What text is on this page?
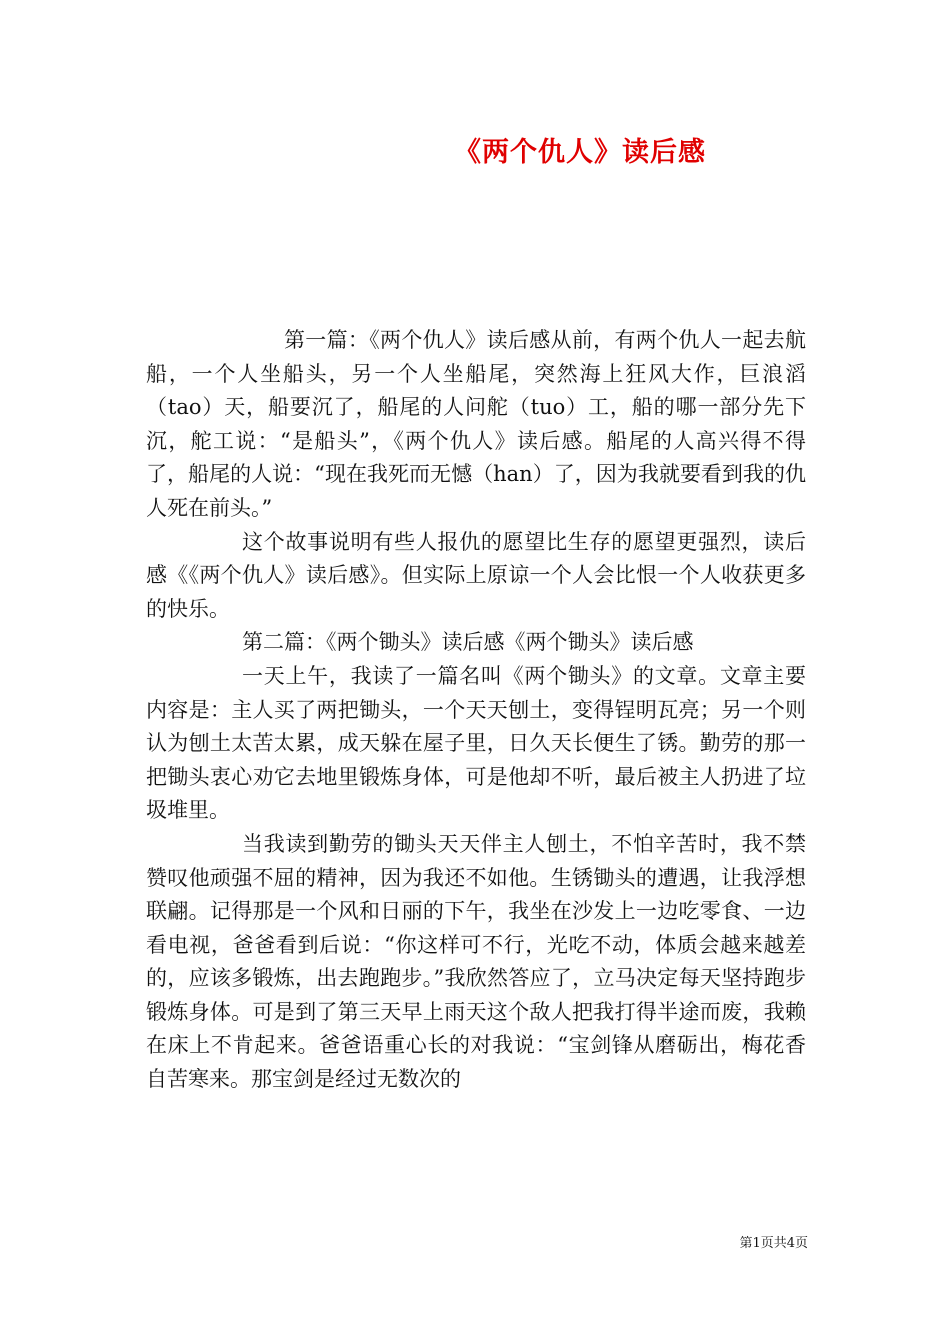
《两个仇人》读后感

第一篇：《两个仇人》读后感从前，有两个仇人一起去航船，一个人坐船头，另一个人坐船尾，突然海上狂风大作，巨浪滔（tao）天，船要沉了，船尾的人问舵（tuo）工，船的哪一部分先下沉，舵工说：“是船头”，《两个仇人》读后感。船尾的人高兴得不得了，船尾的人说：“现在我死而无憾（han）了，因为我就要看到我的仇人死在前头。”

这个故事说明有些人报仇的愿望比生存的愿望更强烈，读后感《《两个仇人》读后感》。但实际上原谅一个人会比恨一个人收获更多的快乐。

第二篇：《两个锄头》读后感《两个锄头》读后感

一天上午，我读了一篇名叫《两个锄头》的文章。文章主要内容是：主人买了两把锄头，一个天天刨土，变得锃明瓦亮；另一个则认为刨土太苦太累，成天躲在屋子里，日久天长便生了锈。勤劳的那一把锄头衷心劝它去地里锻炼身体，可是他却不听，最后被主人扔进了垃圾堆里。

当我读到勤劳的锄头天天伴主人刨土，不怕辛苦时，我不禁赞叹他顽强不屈的精神，因为我还不如他。生锈锄头的遭遇，让我浮想联翩。记得那是一个风和日丽的下午，我坐在沙发上一边吃零食、一边看电视，爸爸看到后说：“你这样可不行，光吃不动，体质会越来越差的，应该多锻炼，出去跑跑步。”我欣然答应了，立马决定每天坚持跑步锻炼身体。可是到了第三天早上雨天这个敌人把我打得半途而废，我赖在床上不肯起来。爸爸语重心长的对我说：“宝剑锋从磨砺出，梅花香自苦寒来。那宝剑是经过无数次的

第1页共4页
